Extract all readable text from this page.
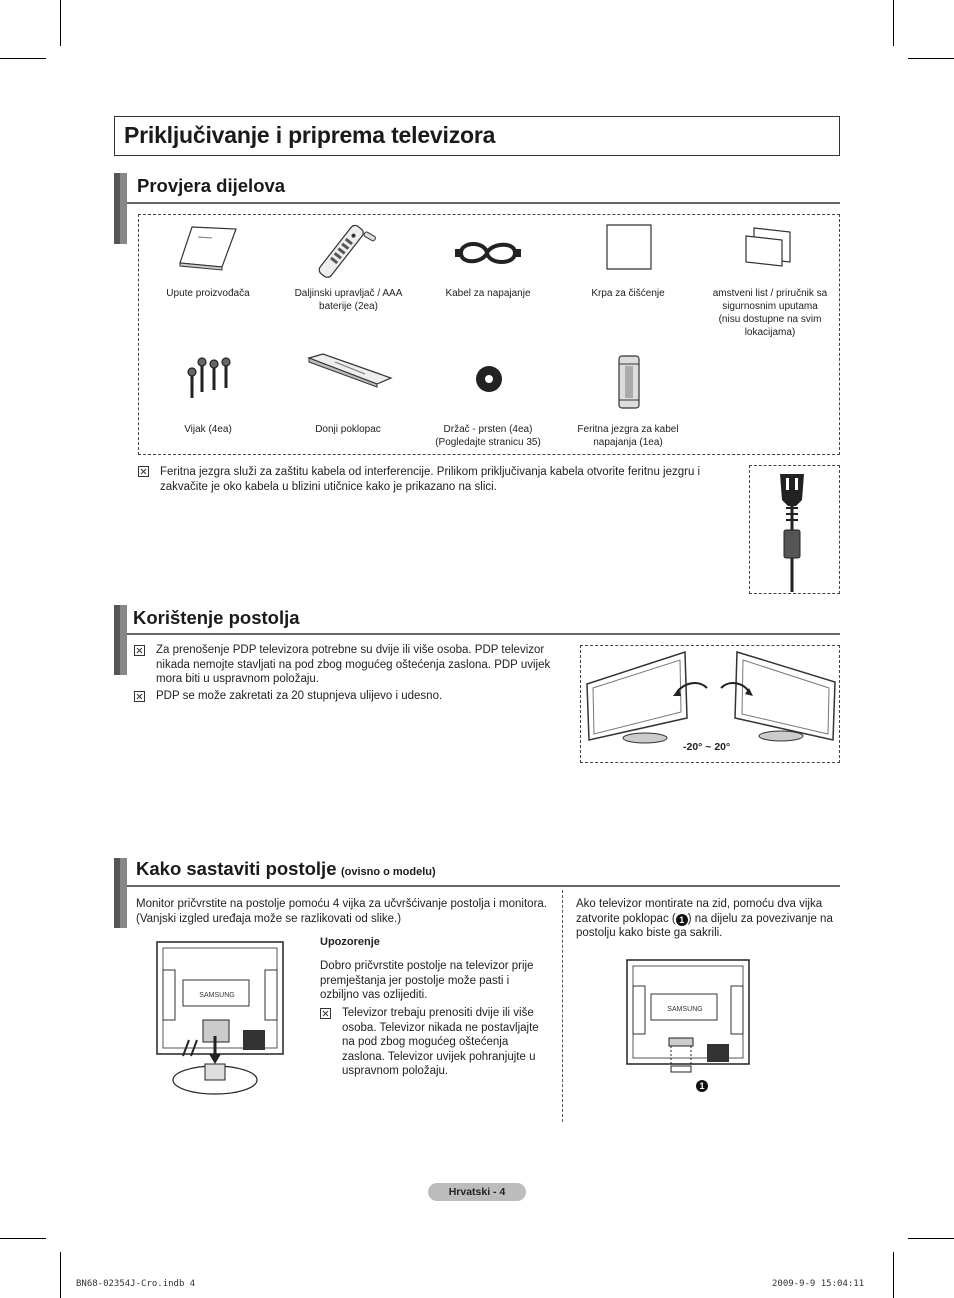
Priključivanje i priprema televizora
Provjera dijelova
Upute proizvođača	Daljinski upravljač / AAA baterije (2ea)
Kabel za napajanje	Krpa za čišćenje	amstveni list / priručnik sa sigurnosnim uputama (nisu dostupne na svim lokacijama)
Vijak (4ea)	Donji poklopac	Držač - prsten (4ea) (Pogledajte stranicu 35)
Feritna jezgra za kabel napajanja (1ea)
Feritna jezgra služi za zaštitu kabela od interferencije. Prilikom priključivanja kabela otvorite feritnu jezgru i zakvačite je oko kabela u blizini utičnice kako je prikazano na slici.
Korištenje postolja
Za prenošenje PDP televizora potrebne su dvije ili više osoba. PDP televizor nikada nemojte stavljati na pod zbog mogućeg oštećenja zaslona. PDP uvijek mora biti u uspravnom položaju.
PDP se može zakretati za 20 stupnjeva ulijevo i udesno.
-20° ~ 20°
Kako sastaviti postolje (ovisno o modelu)
Monitor pričvrstite na postolje pomoću 4 vijka za učvršćivanje postolja i monitora. (Vanjski izgled uređaja može se razlikovati od slike.)
Upozorenje
Dobro pričvrstite postolje na televizor prije premještanja jer postolje može pasti i ozbiljno vas ozlijediti.
Televizor trebaju prenositi dvije ili više osoba. Televizor nikada ne postavljajte na pod zbog mogućeg oštećenja zaslona. Televizor uvijek pohranjujte u uspravnom položaju.
SAMSUNG
Ako televizor montirate na zid, pomoću dva vijka zatvorite poklopac ( 1 ) na dijelu za povezivanje na postolju kako biste ga sakrili.
SAMSUNG
1
Hrvatski - 4
BN68-02354J-Cro.indb 4	2009-9-9 15:04:11
